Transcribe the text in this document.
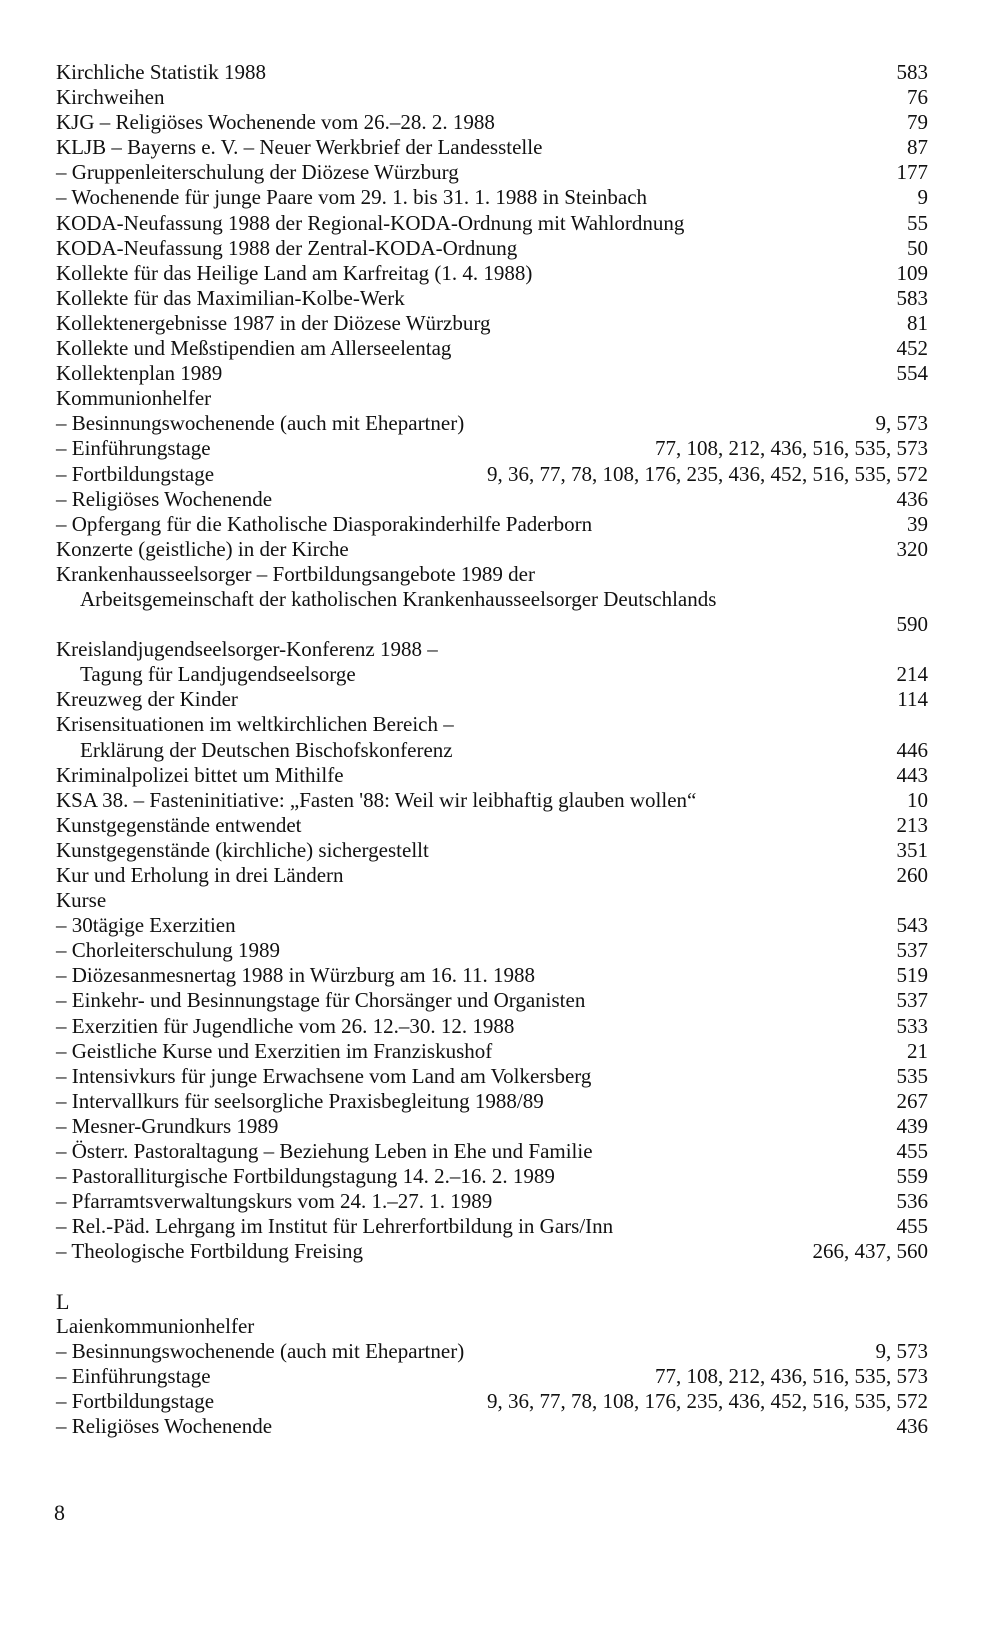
Kirchliche Statistik 1988	583
Kirchweihen	76
KJG – Religiöses Wochenende vom 26.–28. 2. 1988	79
KLJB – Bayerns e. V. – Neuer Werkbrief der Landesstelle	87
– Gruppenleiterschulung der Diözese Würzburg	177
– Wochenende für junge Paare vom 29. 1. bis 31. 1. 1988 in Steinbach	9
KODA-Neufassung 1988 der Regional-KODA-Ordnung mit Wahlordnung	55
KODA-Neufassung 1988 der Zentral-KODA-Ordnung	50
Kollekte für das Heilige Land am Karfreitag (1. 4. 1988)	109
Kollekte für das Maximilian-Kolbe-Werk	583
Kollektenergebnisse 1987 in der Diözese Würzburg	81
Kollekte und Meßstipendien am Allerseelentag	452
Kollektenplan 1989	554
Kommunionhelfer
– Besinnungswochenende (auch mit Ehepartner)	9, 573
– Einführungstage	77, 108, 212, 436, 516, 535, 573
– Fortbildungstage	9, 36, 77, 78, 108, 176, 235, 436, 452, 516, 535, 572
– Religiöses Wochenende	436
– Opfergang für die Katholische Diasporakinderhilfe Paderborn	39
Konzerte (geistliche) in der Kirche	320
Krankenhausseelsorger – Fortbildungsangebote 1989 der
Arbeitsgemeinschaft der katholischen Krankenhausseelsorger Deutschlands
590
Kreislandjugendseelsorger-Konferenz 1988 –
Tagung für Landjugendseelsorge	214
Kreuzweg der Kinder	114
Krisensituationen im weltkirchlichen Bereich –
Erklärung der Deutschen Bischofskonferenz	446
Kriminalpolizei bittet um Mithilfe	443
KSA 38. – Fasteninitiative: „Fasten '88: Weil wir leibhaftig glauben wollen“	10
Kunstgegenstände entwendet	213
Kunstgegenstände (kirchliche) sichergestellt	351
Kur und Erholung in drei Ländern	260
Kurse
– 30tägige Exerzitien	543
– Chorleiterschulung 1989	537
– Diözesanmesnertag 1988 in Würzburg am 16. 11. 1988	519
– Einkehr- und Besinnungstage für Chorsänger und Organisten	537
– Exerzitien für Jugendliche vom 26. 12.–30. 12. 1988	533
– Geistliche Kurse und Exerzitien im Franziskushof	21
– Intensivkurs für junge Erwachsene vom Land am Volkersberg	535
– Intervallkurs für seelsorgliche Praxisbegleitung 1988/89	267
– Mesner-Grundkurs 1989	439
– Österr. Pastoraltagung – Beziehung Leben in Ehe und Familie	455
– Pastoralliturgische Fortbildungstagung 14. 2.–16. 2. 1989	559
– Pfarramtsverwaltungskurs vom 24. 1.–27. 1. 1989	536
– Rel.-Päd. Lehrgang im Institut für Lehrerfortbildung in Gars/Inn	455
– Theologische Fortbildung Freising	266, 437, 560
L
Laienkommunionhelfer
– Besinnungswochenende (auch mit Ehepartner)	9, 573
– Einführungstage	77, 108, 212, 436, 516, 535, 573
– Fortbildungstage	9, 36, 77, 78, 108, 176, 235, 436, 452, 516, 535, 572
– Religiöses Wochenende	436
8
